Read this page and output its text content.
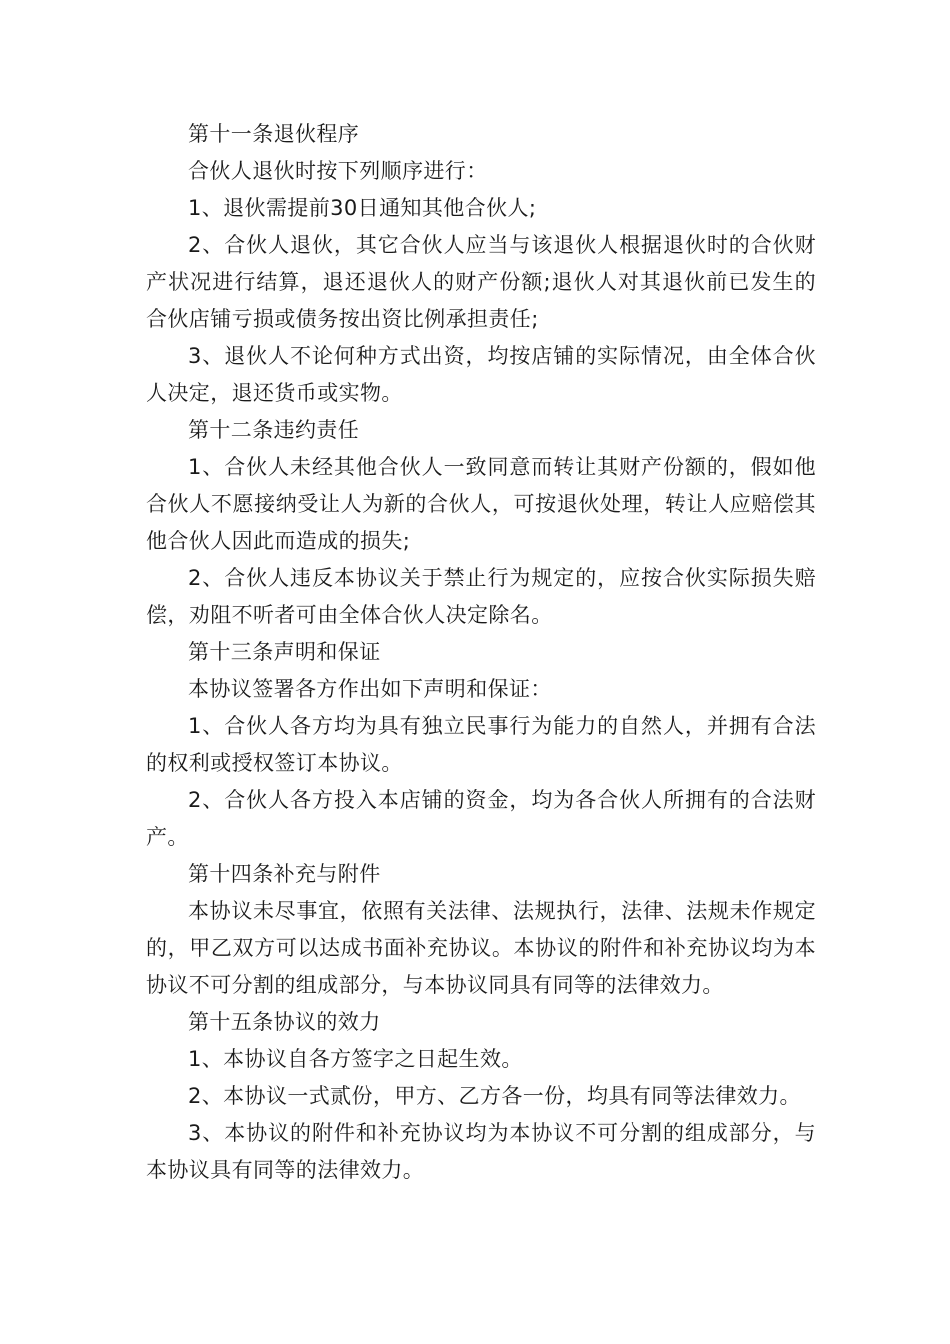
第十一条退伙程序

合伙人退伙时按下列顺序进行：

1、退伙需提前30日通知其他合伙人;

2、合伙人退伙，其它合伙人应当与该退伙人根据退伙时的合伙财产状况进行结算，退还退伙人的财产份额;退伙人对其退伙前已发生的合伙店铺亏损或债务按出资比例承担责任;

3、退伙人不论何种方式出资，均按店铺的实际情况，由全体合伙人决定，退还货币或实物。

第十二条违约责任

1、合伙人未经其他合伙人一致同意而转让其财产份额的，假如他合伙人不愿接纳受让人为新的合伙人，可按退伙处理，转让人应赔偿其他合伙人因此而造成的损失;

2、合伙人违反本协议关于禁止行为规定的，应按合伙实际损失赔偿，劝阻不听者可由全体合伙人决定除名。

第十三条声明和保证

本协议签署各方作出如下声明和保证：

1、合伙人各方均为具有独立民事行为能力的自然人，并拥有合法的权利或授权签订本协议。

2、合伙人各方投入本店铺的资金，均为各合伙人所拥有的合法财产。

第十四条补充与附件

本协议未尽事宜，依照有关法律、法规执行，法律、法规未作规定的，甲乙双方可以达成书面补充协议。本协议的附件和补充协议均为本协议不可分割的组成部分，与本协议同具有同等的法律效力。

第十五条协议的效力

1、本协议自各方签字之日起生效。

2、本协议一式贰份，甲方、乙方各一份，均具有同等法律效力。

3、本协议的附件和补充协议均为本协议不可分割的组成部分，与本协议具有同等的法律效力。
